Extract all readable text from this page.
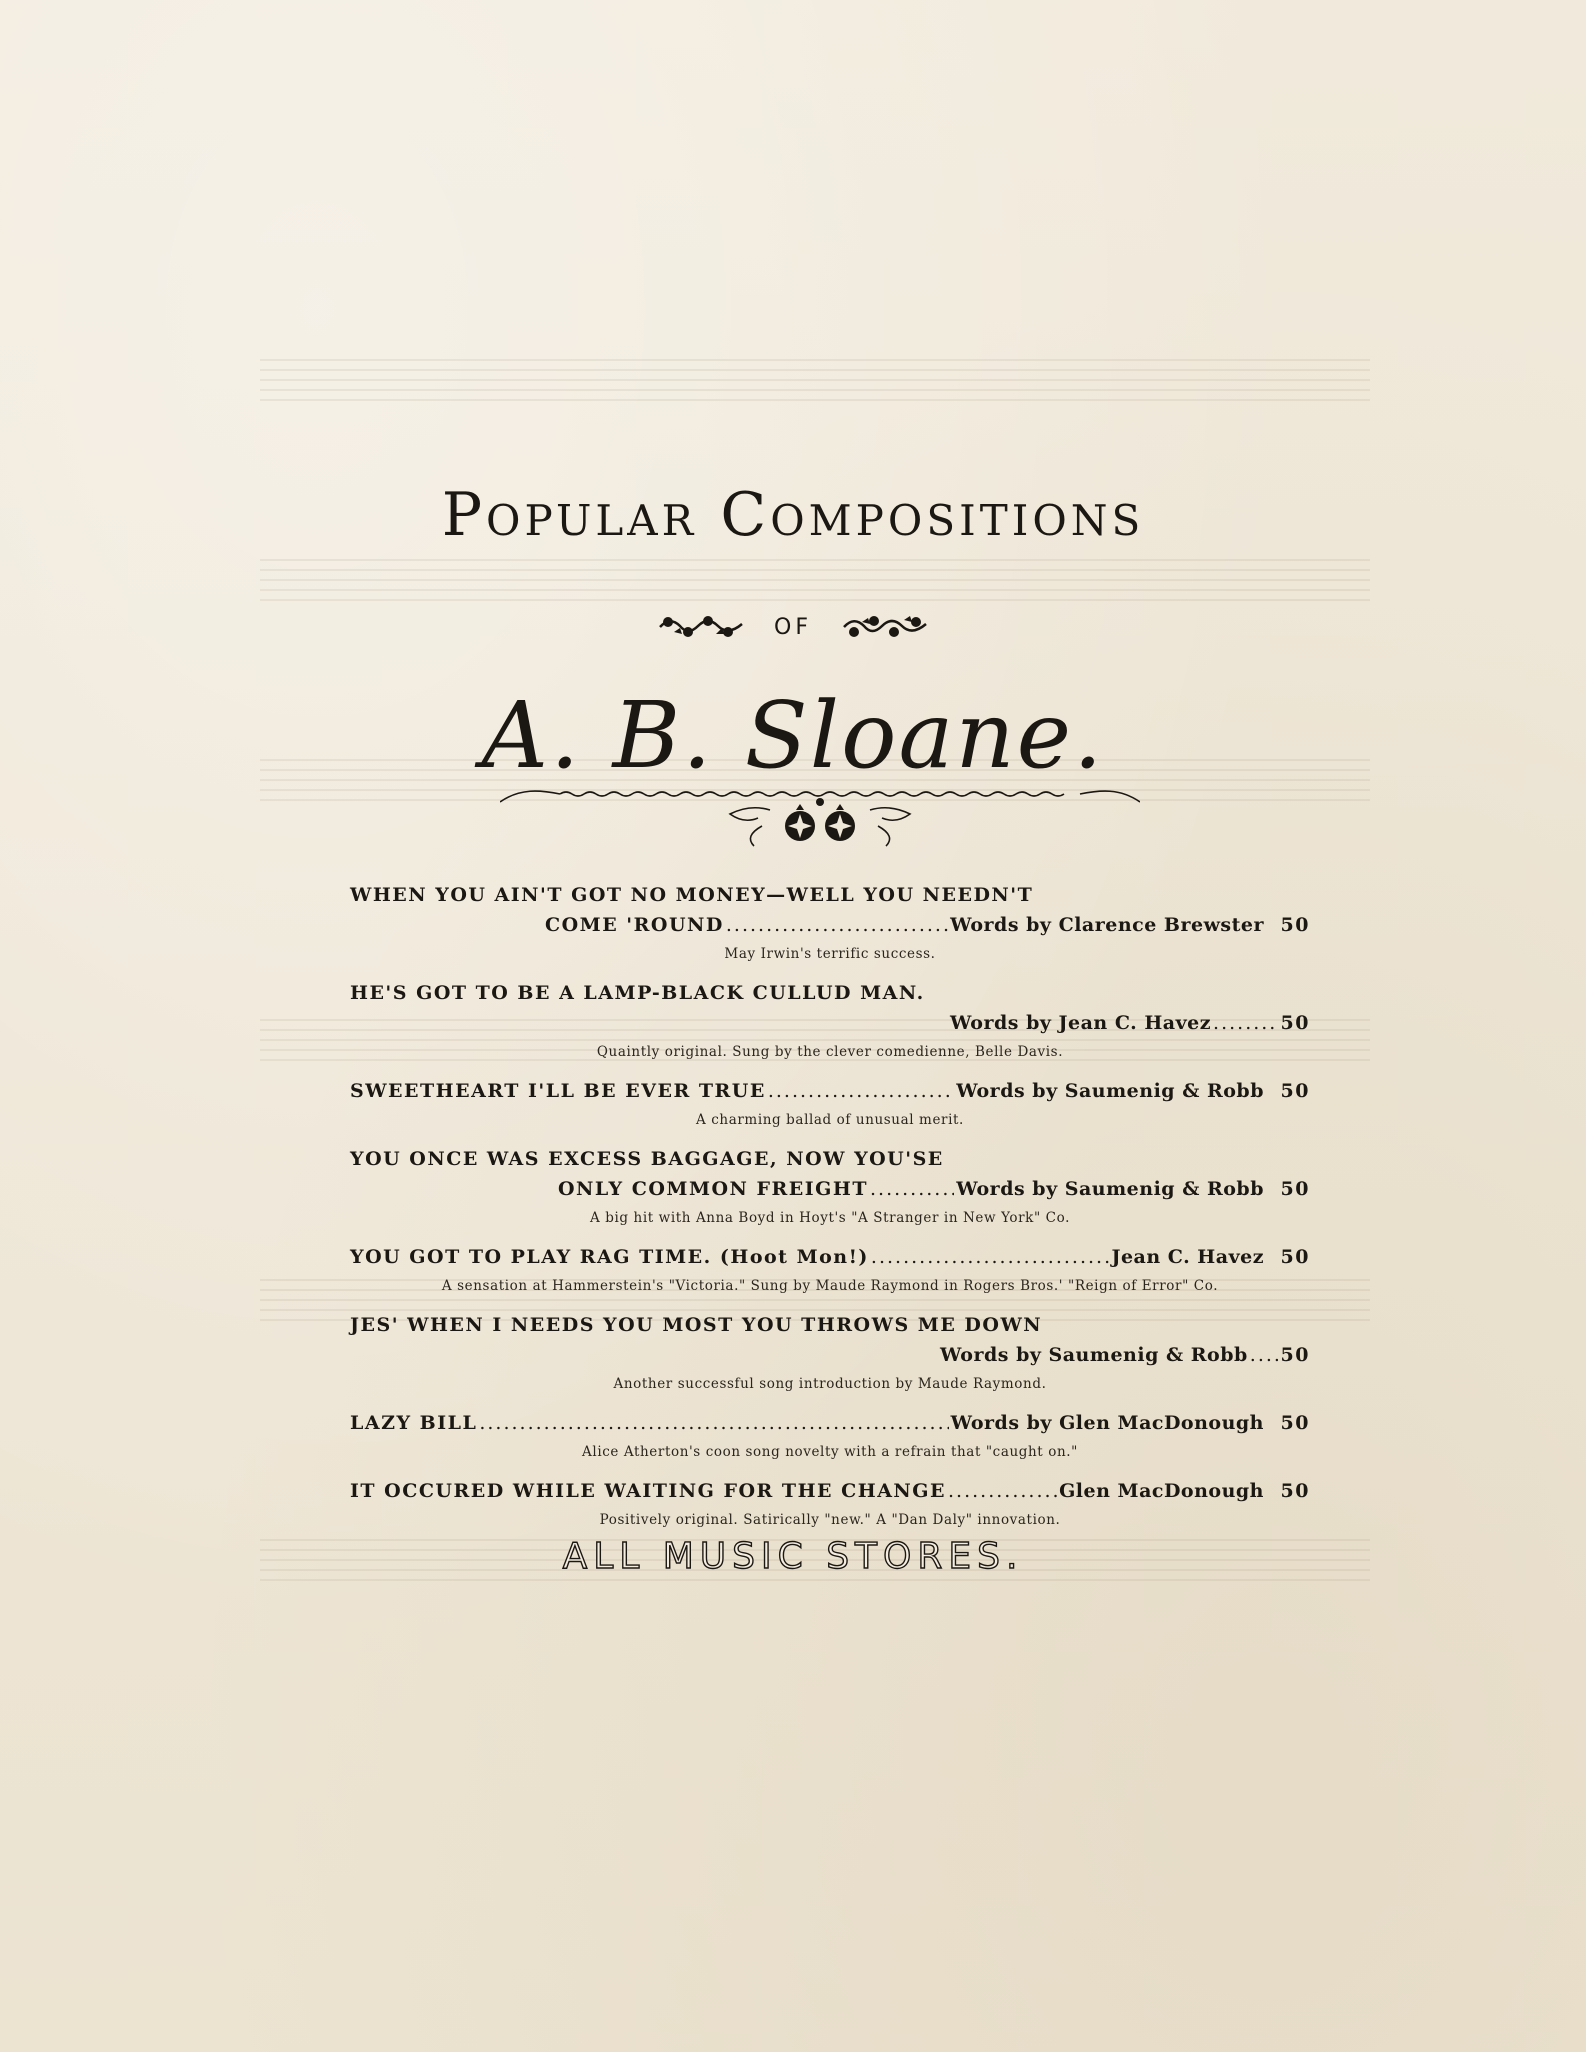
Popular Compositions
OF
A. B. Sloane.
WHEN YOU AIN'T GOT NO MONEY—WELL YOU NEEDN'T
COME 'ROUND .....	Words by Clarence Brewster 50
May Irwin's terrific success.
HE'S GOT TO BE A LAMP-BLACK CULLUD MAN.
Words by Jean C. Havez .....	50
Quaintly original. Sung by the clever comedienne, Belle Davis.
SWEETHEART I'LL BE EVER TRUE .....	Words by Saumenig & Robb 50
A charming ballad of unusual merit.
YOU ONCE WAS EXCESS BAGGAGE, NOW YOU'SE
ONLY COMMON FREIGHT .....	Words by Saumenig & Robb 50
A big hit with Anna Boyd in Hoyt's "A Stranger in New York" Co.
YOU GOT TO PLAY RAG TIME. (Hoot Mon!) .....	Jean C. Havez 50
A sensation at Hammerstein's "Victoria." Sung by Maude Raymond in Rogers Bros.' "Reign of Error" Co.
JES' WHEN I NEEDS YOU MOST YOU THROWS ME DOWN
Words by Saumenig & Robb ..... 50
Another successful song introduction by Maude Raymond.
LAZY BILL .....	Words by Glen MacDonough 50
Alice Atherton's coon song novelty with a refrain that "caught on."
IT OCCURED WHILE WAITING FOR THE CHANGE .....	Glen MacDonough 50
Positively original. Satirically "new." A "Dan Daly" innovation.
ALL MUSIC STORES.
